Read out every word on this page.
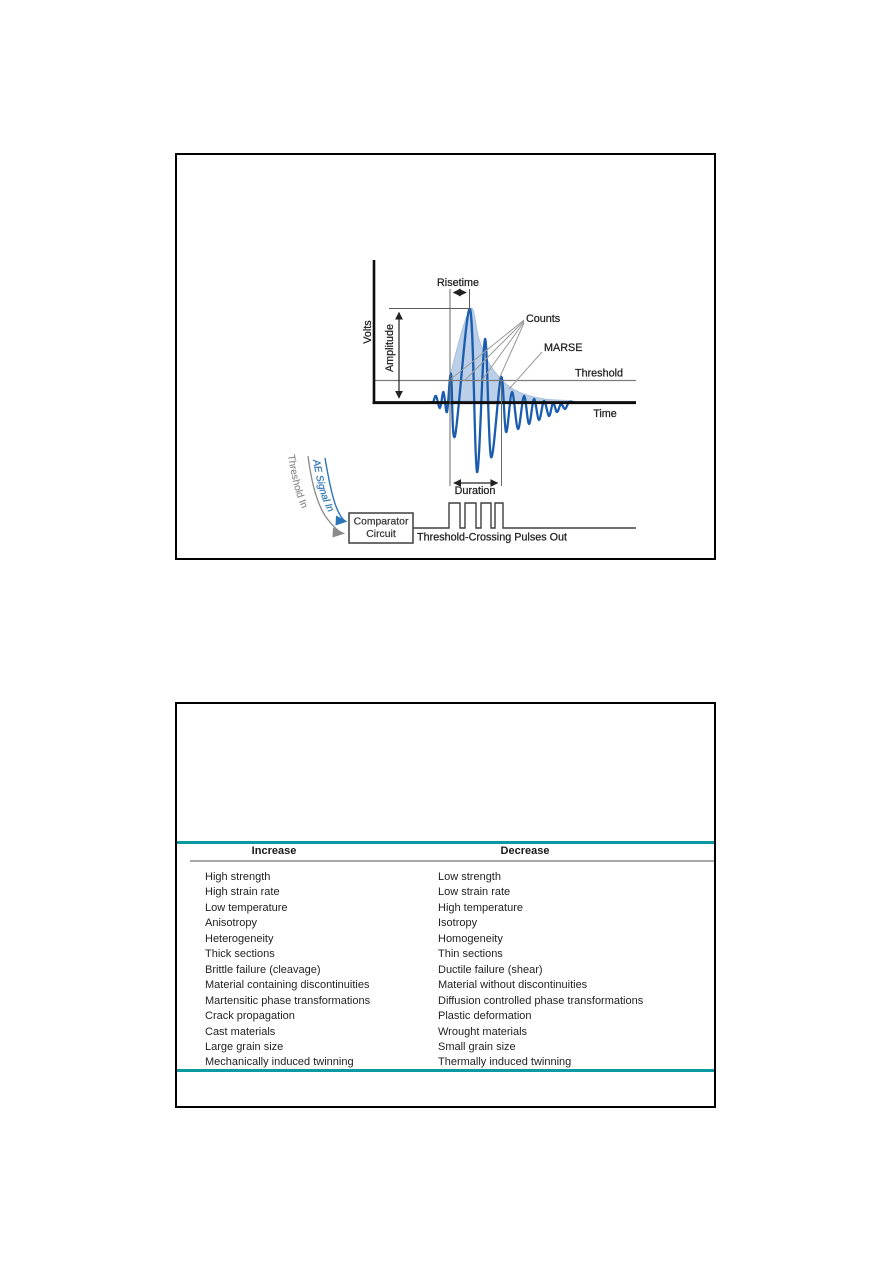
Risetime
Volts Amplitude
Counts
MARSE
Threshold
Time
Duration
Comparator
Circuit Threshold-Crossing Pulses Out
AE Signal In
Threshold In
Increase	Decrease
High strength	Low strength
High strain rate	Low strain rate
Low temperature	High temperature
Anisotropy	Isotropy
Heterogeneity	Homogeneity
Thick sections	Thin sections
Brittle failure (cleavage)	Ductile failure (shear)
Material containing discontinuities	Material without discontinuities
Martensitic phase transformations	Diffusion controlled phase transformations
Crack propagation	Plastic deformation
Cast materials	Wrought materials
Large grain size	Small grain size
Mechanically induced twinning	Thermally induced twinning
